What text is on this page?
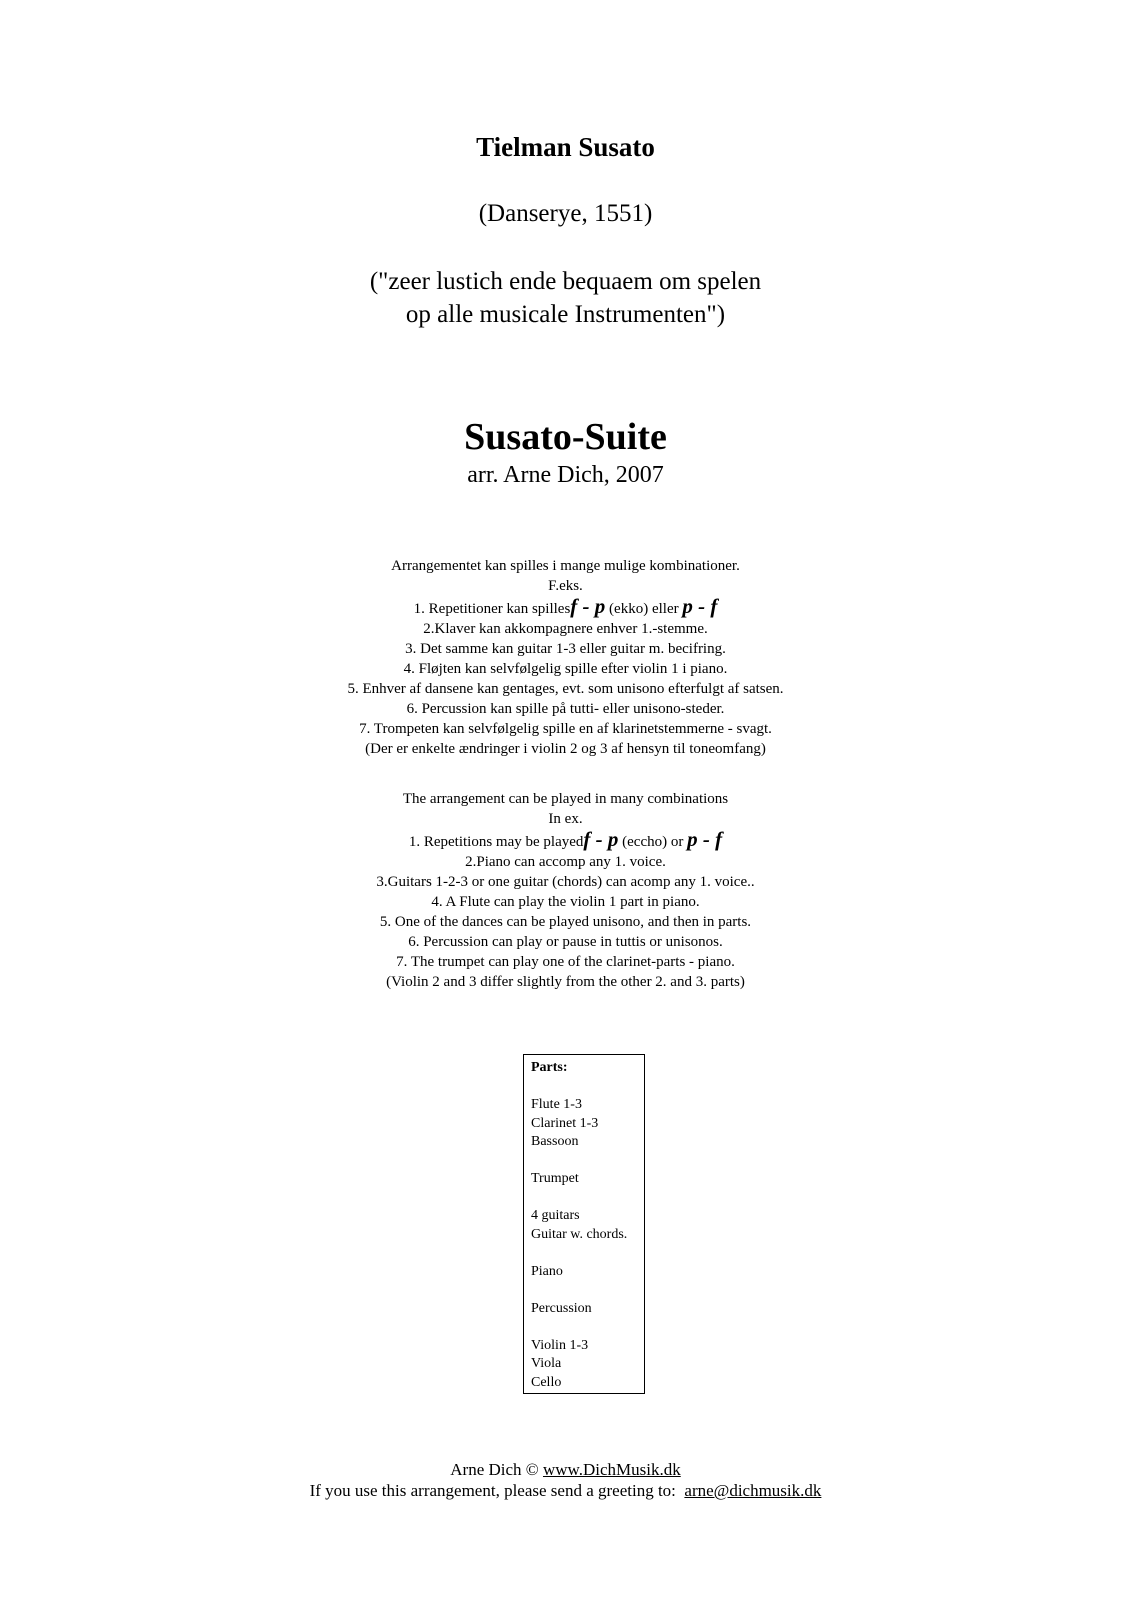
Tielman Susato
(Danserye, 1551)
("zeer lustich ende bequaem om spelen
op alle musicale Instrumenten")
Susato-Suite
arr. Arne Dich, 2007
Arrangementet kan spilles i mange mulige kombinationer.
F.eks.
1. Repetitioner kan spillesf - p (ekko) eller p - f
2.Klaver kan akkompagnere enhver 1.-stemme.
3. Det samme kan guitar 1-3 eller guitar m. becifring.
4. Fløjten kan selvfølgelig spille efter violin 1 i piano.
5. Enhver af dansene kan gentages, evt. som unisono efterfulgt af satsen.
6. Percussion kan spille på tutti- eller unisono-steder.
7. Trompeten kan selvfølgelig spille en af klarinetstemmerne - svagt.
(Der er enkelte ændringer i violin 2 og 3 af hensyn til toneomfang)
The arrangement can be played in many combinations
In ex.
1. Repetitions may be playedf - p (eccho) or p - f
2.Piano can accomp any 1. voice.
3.Guitars 1-2-3 or one guitar (chords) can acomp any 1. voice..
4. A Flute can play the violin 1 part in piano.
5. One of the dances can be played unisono, and then in parts.
6. Percussion can play or pause in tuttis or unisonos.
7. The trumpet can play one of the clarinet-parts - piano.
(Violin 2 and 3 differ slightly from the other 2. and 3. parts)
Parts:
Flute 1-3
Clarinet 1-3
Bassoon
Trumpet
4 guitars
Guitar w. chords.
Piano
Percussion
Violin 1-3
Viola
Cello
Arne Dich © www.DichMusik.dk
If you use this arrangement, please send a greeting to: arne@dichmusik.dk
